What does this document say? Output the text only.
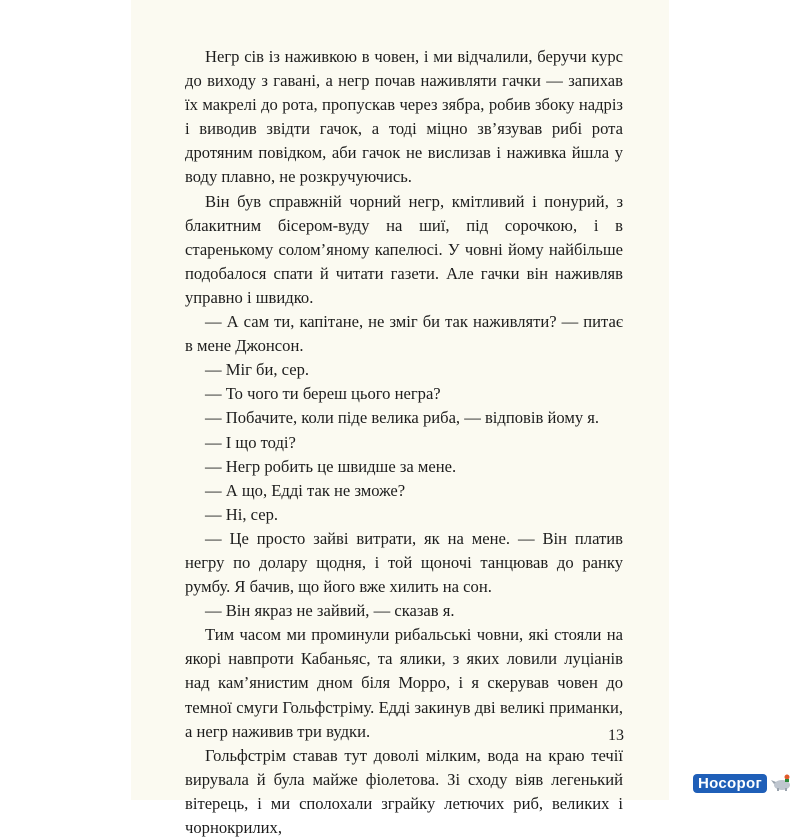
Негр сів із наживкою в човен, і ми відчалили, беручи курс до виходу з гавані, а негр почав наживляти гачки — запихав їх макрелі до рота, пропускав через зябра, робив збоку надріз і виводив звідти гачок, а тоді міцно зв’язував рибі рота дротяним повідком, аби гачок не вислизав і наживка йшла у воду плавно, не розкручуючись.

Він був справжній чорний негр, кмітливий і понурий, з блакитним бісером-вуду на шиї, під сорочкою, і в старенькому солом’яному капелюсі. У човні йому найбільше подобалося спати й читати газети. Але гачки він наживляв управно і швидко.

— А сам ти, капітане, не зміг би так наживляти? — питає в мене Джонсон.

— Міг би, сер.

— То чого ти береш цього негра?

— Побачите, коли піде велика риба, — відповів йому я.

— І що тоді?

— Негр робить це швидше за мене.

— А що, Едді так не зможе?

— Ні, сер.

— Це просто зайві витрати, як на мене. — Він платив негру по долару щодня, і той щоночі танцював до ранку румбу. Я бачив, що його вже хилить на сон.

— Він якраз не зайвий, — сказав я.

Тим часом ми проминули рибальські човни, які стояли на якорі навпроти Кабаньяс, та ялики, з яких ловили луціанів над кам’янистим дном біля Морро, і я скерував човен до темної смуги Гольфстріму. Едді закинув дві великі приманки, а негр наживив три вудки.

Гольфстрім ставав тут доволі мілким, вода на краю течії вирувала й була майже фіолетова. Зі сходу віяв легенький вітерець, і ми сполохали зграйку летючих риб, великих і чорнокрилих,

13
Носорог
